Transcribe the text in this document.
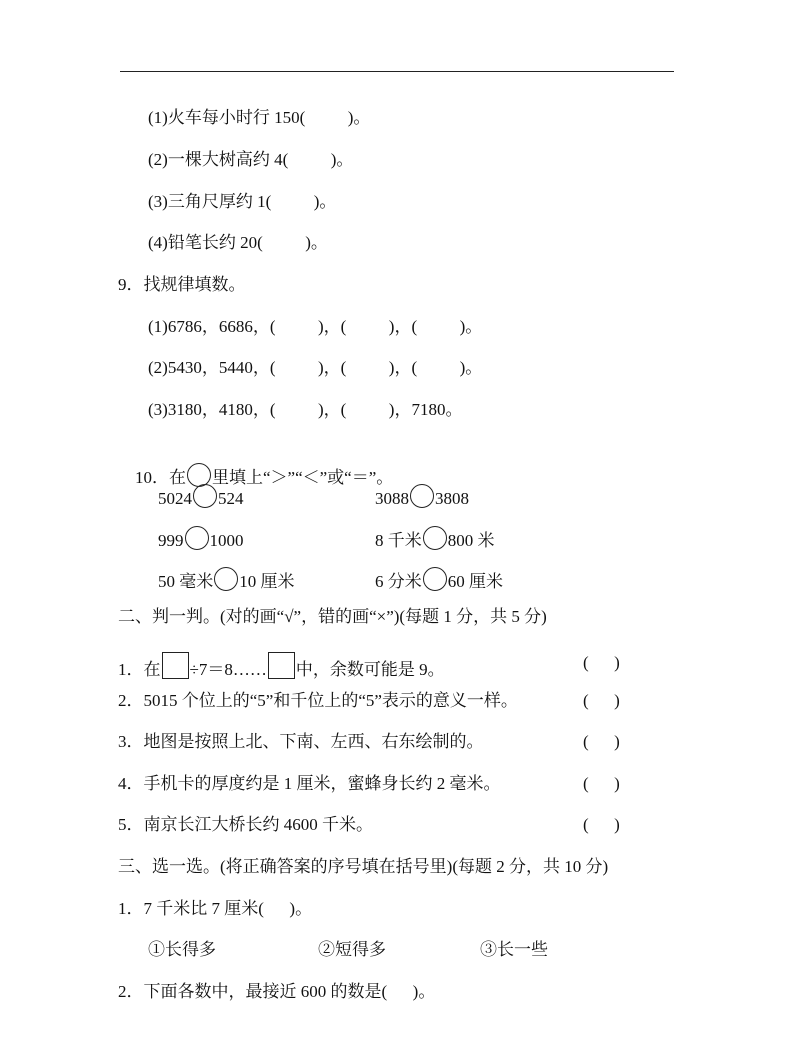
(1)火车每小时行 150(          )。
(2)一棵大树高约 4(          )。
(3)三角尺厚约 1(          )。
(4)铅笔长约 20(          )。
9．找规律填数。
(1)6786，6686，(          )，(          )，(          )。
(2)5430，5440，(          )，(          )，(          )。
(3)3180，4180，(          )，(          )，7180。

10．在 里填上“＞”“＜”或“＝”。

5024 524	3088 3808
999 1000	8 千米 800 米
50 毫米 10 厘米	6 分米 60 厘米
二、判一判。(对的画“√”，错的画“×”)(每题 1 分，共 5 分)
1．在 ÷7＝8…… 中，余数可能是 9。	(      )
2．5015 个位上的“5”和千位上的“5”表示的意义一样。	(      )
3．地图是按照上北、下南、左西、右东绘制的。	(      )
4．手机卡的厚度约是 1 厘米，蜜蜂身长约 2 毫米。	(      )
5．南京长江大桥长约 4600 千米。	(      )
三、选一选。(将正确答案的序号填在括号里)(每题 2 分，共 10 分)
1．7 千米比 7 厘米(      )。
①长得多	②短得多	③长一些
2．下面各数中，最接近 600 的数是(      )。
